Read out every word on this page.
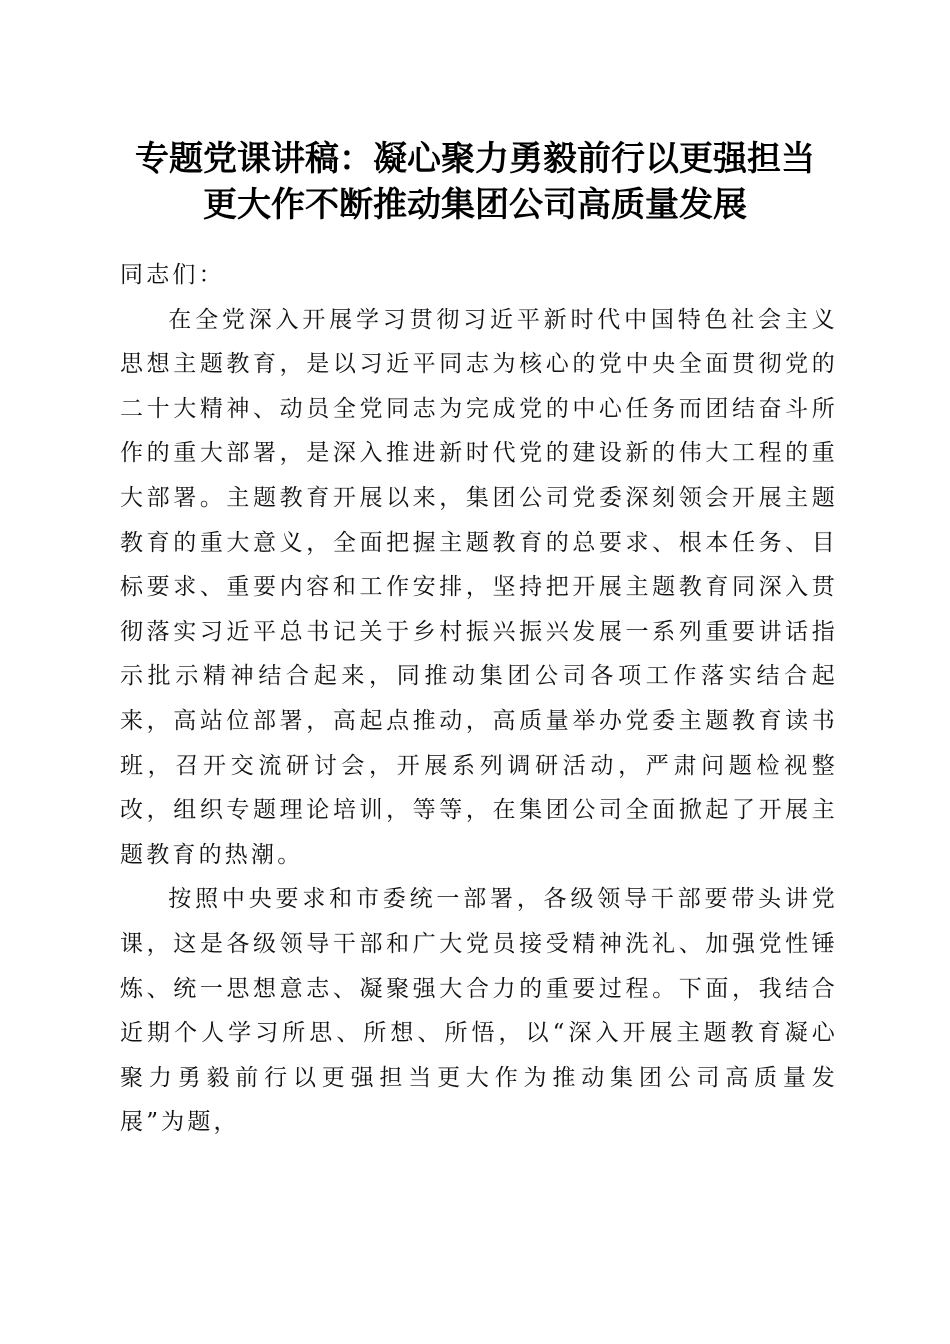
专题党课讲稿：凝心聚力勇毅前行以更强担当
更大作不断推动集团公司高质量发展

同志们：

在全党深入开展学习贯彻习近平新时代中国特色社会主义思想主题教育，是以习近平同志为核心的党中央全面贯彻党的二十大精神、动员全党同志为完成党的中心任务而团结奋斗所作的重大部署，是深入推进新时代党的建设新的伟大工程的重大部署。主题教育开展以来，集团公司党委深刻领会开展主题教育的重大意义，全面把握主题教育的总要求、根本任务、目标要求、重要内容和工作安排，坚持把开展主题教育同深入贯彻落实习近平总书记关于乡村振兴振兴发展一系列重要讲话指示批示精神结合起来，同推动集团公司各项工作落实结合起来，高站位部署，高起点推动，高质量举办党委主题教育读书班，召开交流研讨会，开展系列调研活动，严肃问题检视整改，组织专题理论培训，等等，在集团公司全面掀起了开展主题教育的热潮。

按照中央要求和市委统一部署，各级领导干部要带头讲党课，这是各级领导干部和广大党员接受精神洗礼、加强党性锤炼、统一思想意志、凝聚强大合力的重要过程。下面，我结合近期个人学习所思、所想、所悟，以“深入开展主题教育凝心聚力勇毅前行以更强担当更大作为推动集团公司高质量发展”为题，
